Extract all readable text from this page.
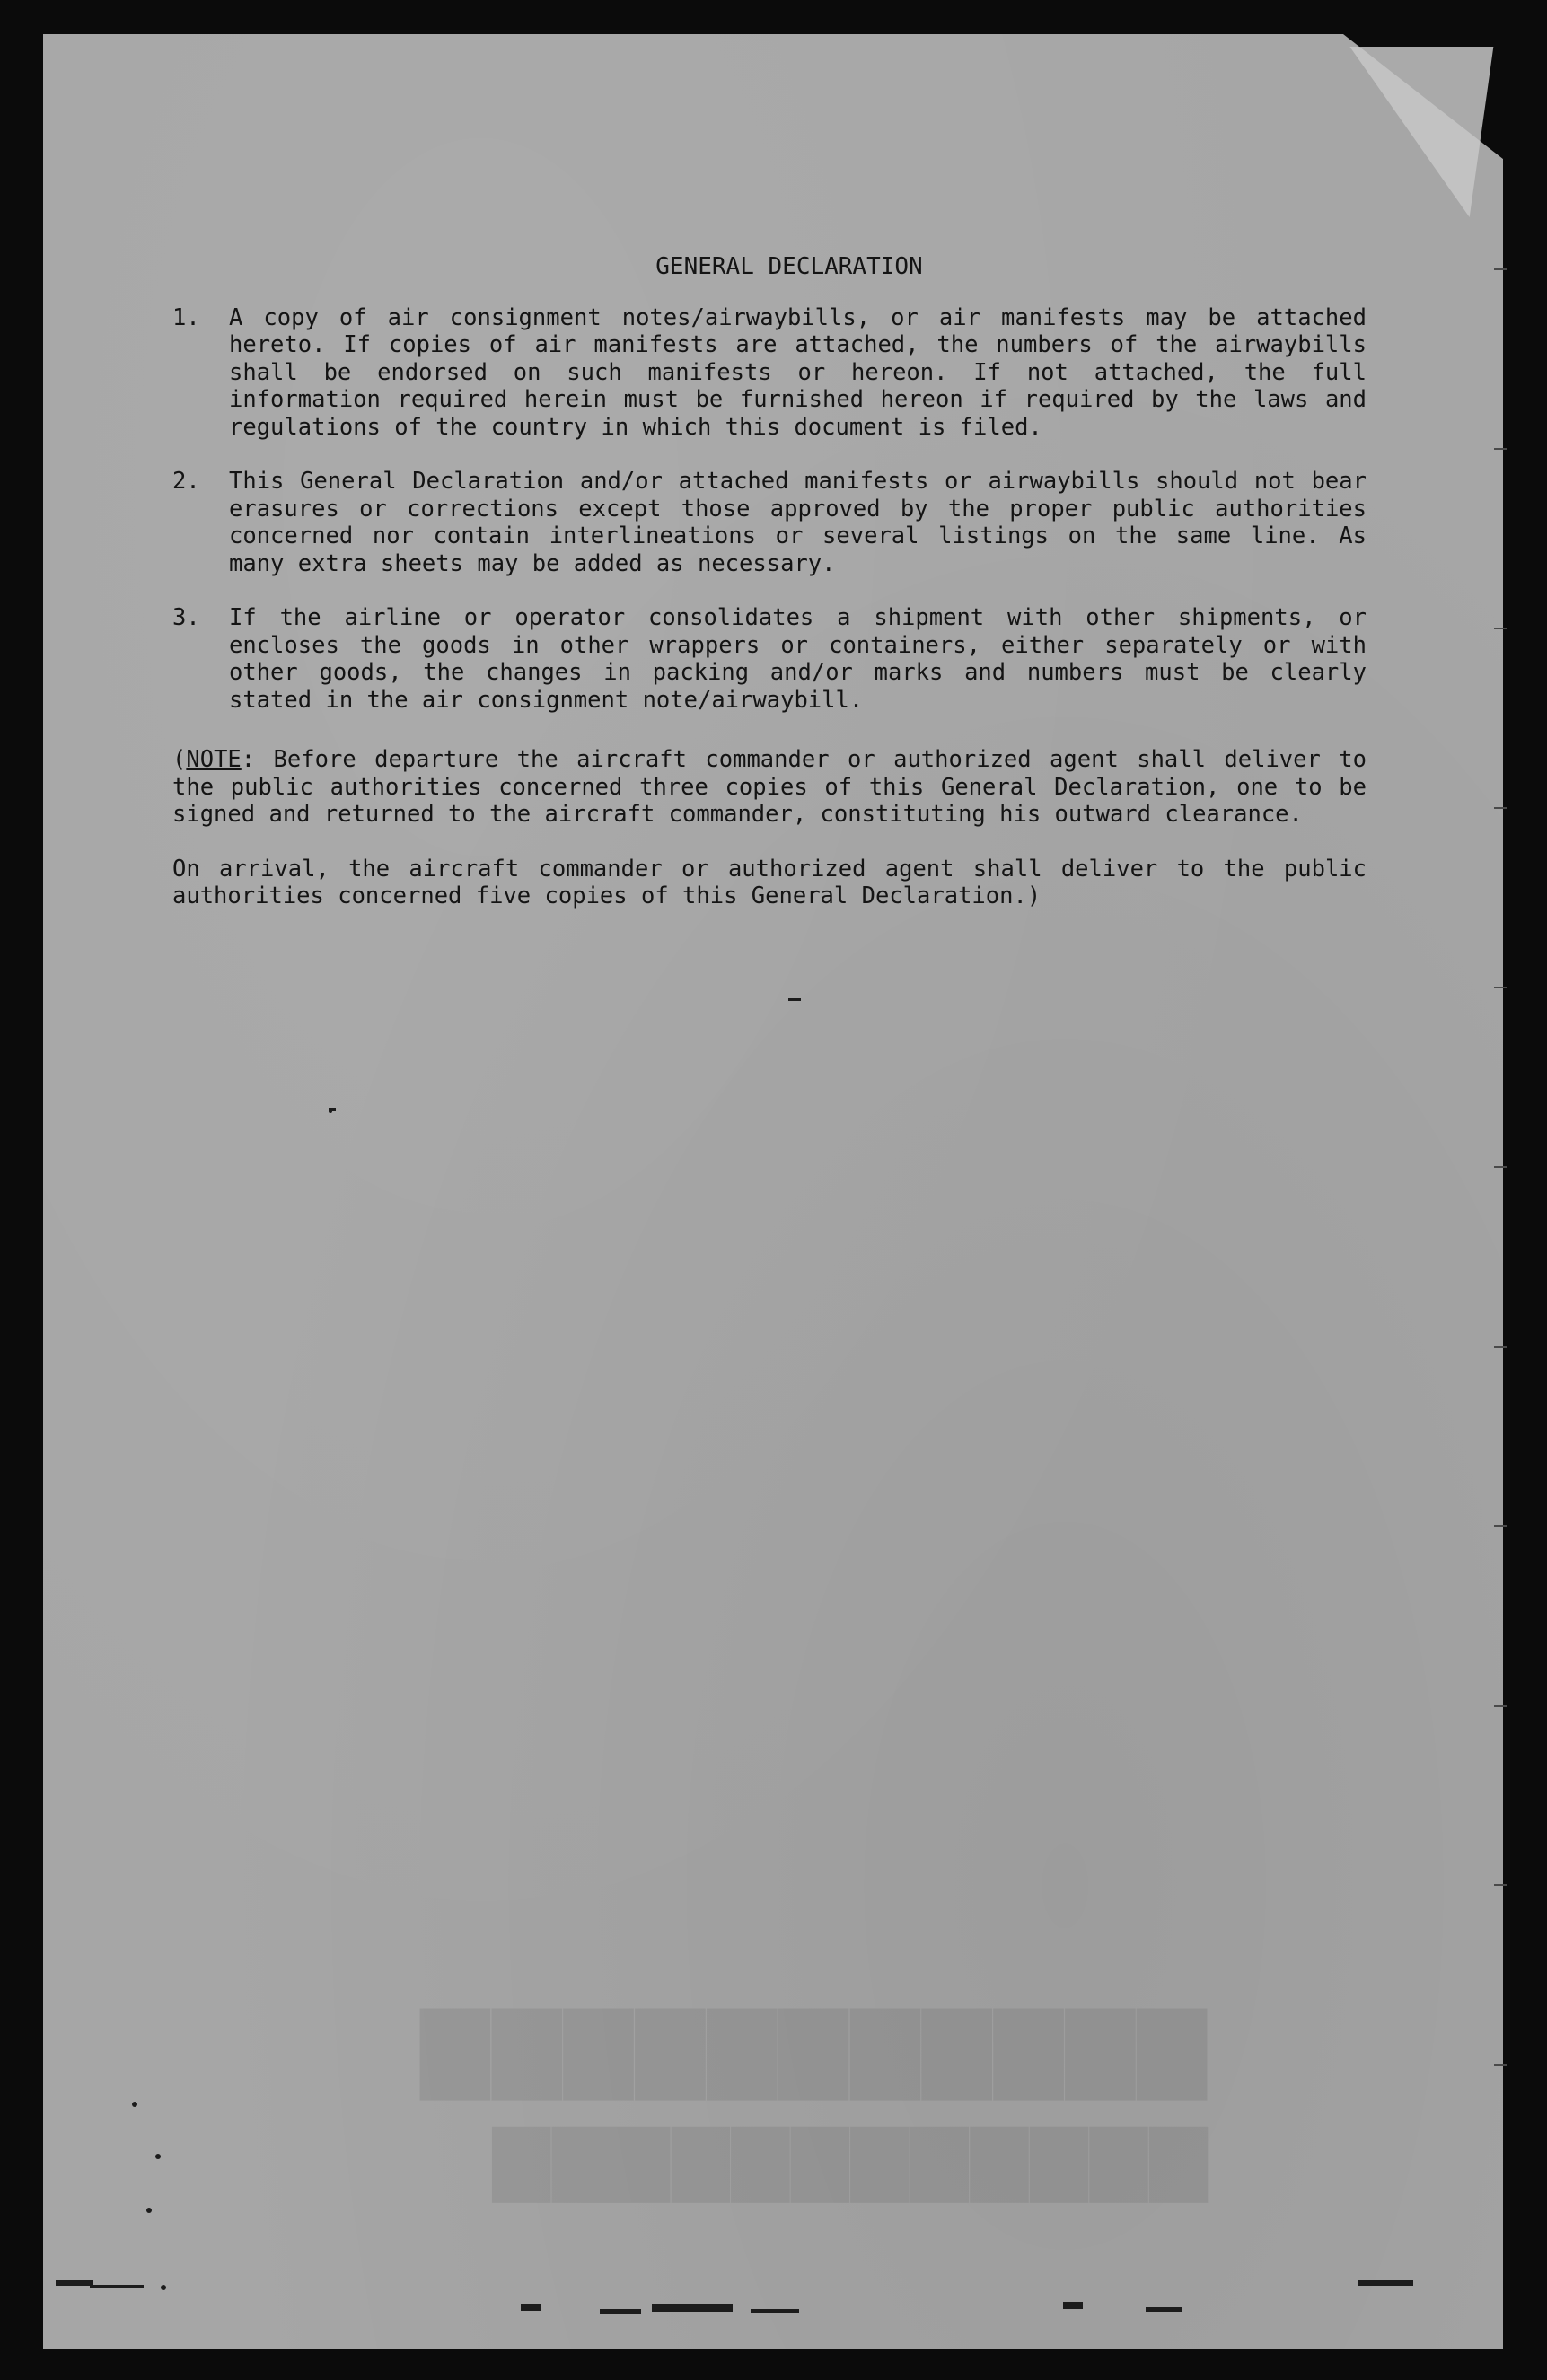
▇▇▇▇▇▇▇▇▇▇▇
▇▇▇▇▇▇▇▇▇▇▇▇
GENERAL DECLARATION
1.	A copy of air consignment notes/airwaybills, or air manifests may be attached hereto. If copies of air manifests are attached, the numbers of the airwaybills shall be endorsed on such manifests or hereon. If not attached, the full information required herein must be furnished hereon if required by the laws and regulations of the country in which this document is filed.
2.	This General Declaration and/or attached manifests or airwaybills should not bear erasures or corrections except those approved by the proper public authorities concerned nor contain interlineations or several listings on the same line. As many extra sheets may be added as necessary.
3.	If the airline or operator consolidates a shipment with other shipments, or encloses the goods in other wrappers or containers, either separately or with other goods, the changes in packing and/or marks and numbers must be clearly stated in the air consignment note/airwaybill.
(NOTE: Before departure the aircraft commander or authorized agent shall deliver to the public authorities concerned three copies of this General Declaration, one to be signed and returned to the aircraft commander, constituting his outward clearance.
On arrival, the aircraft commander or authorized agent shall deliver to the public authorities concerned five copies of this General Declaration.)
